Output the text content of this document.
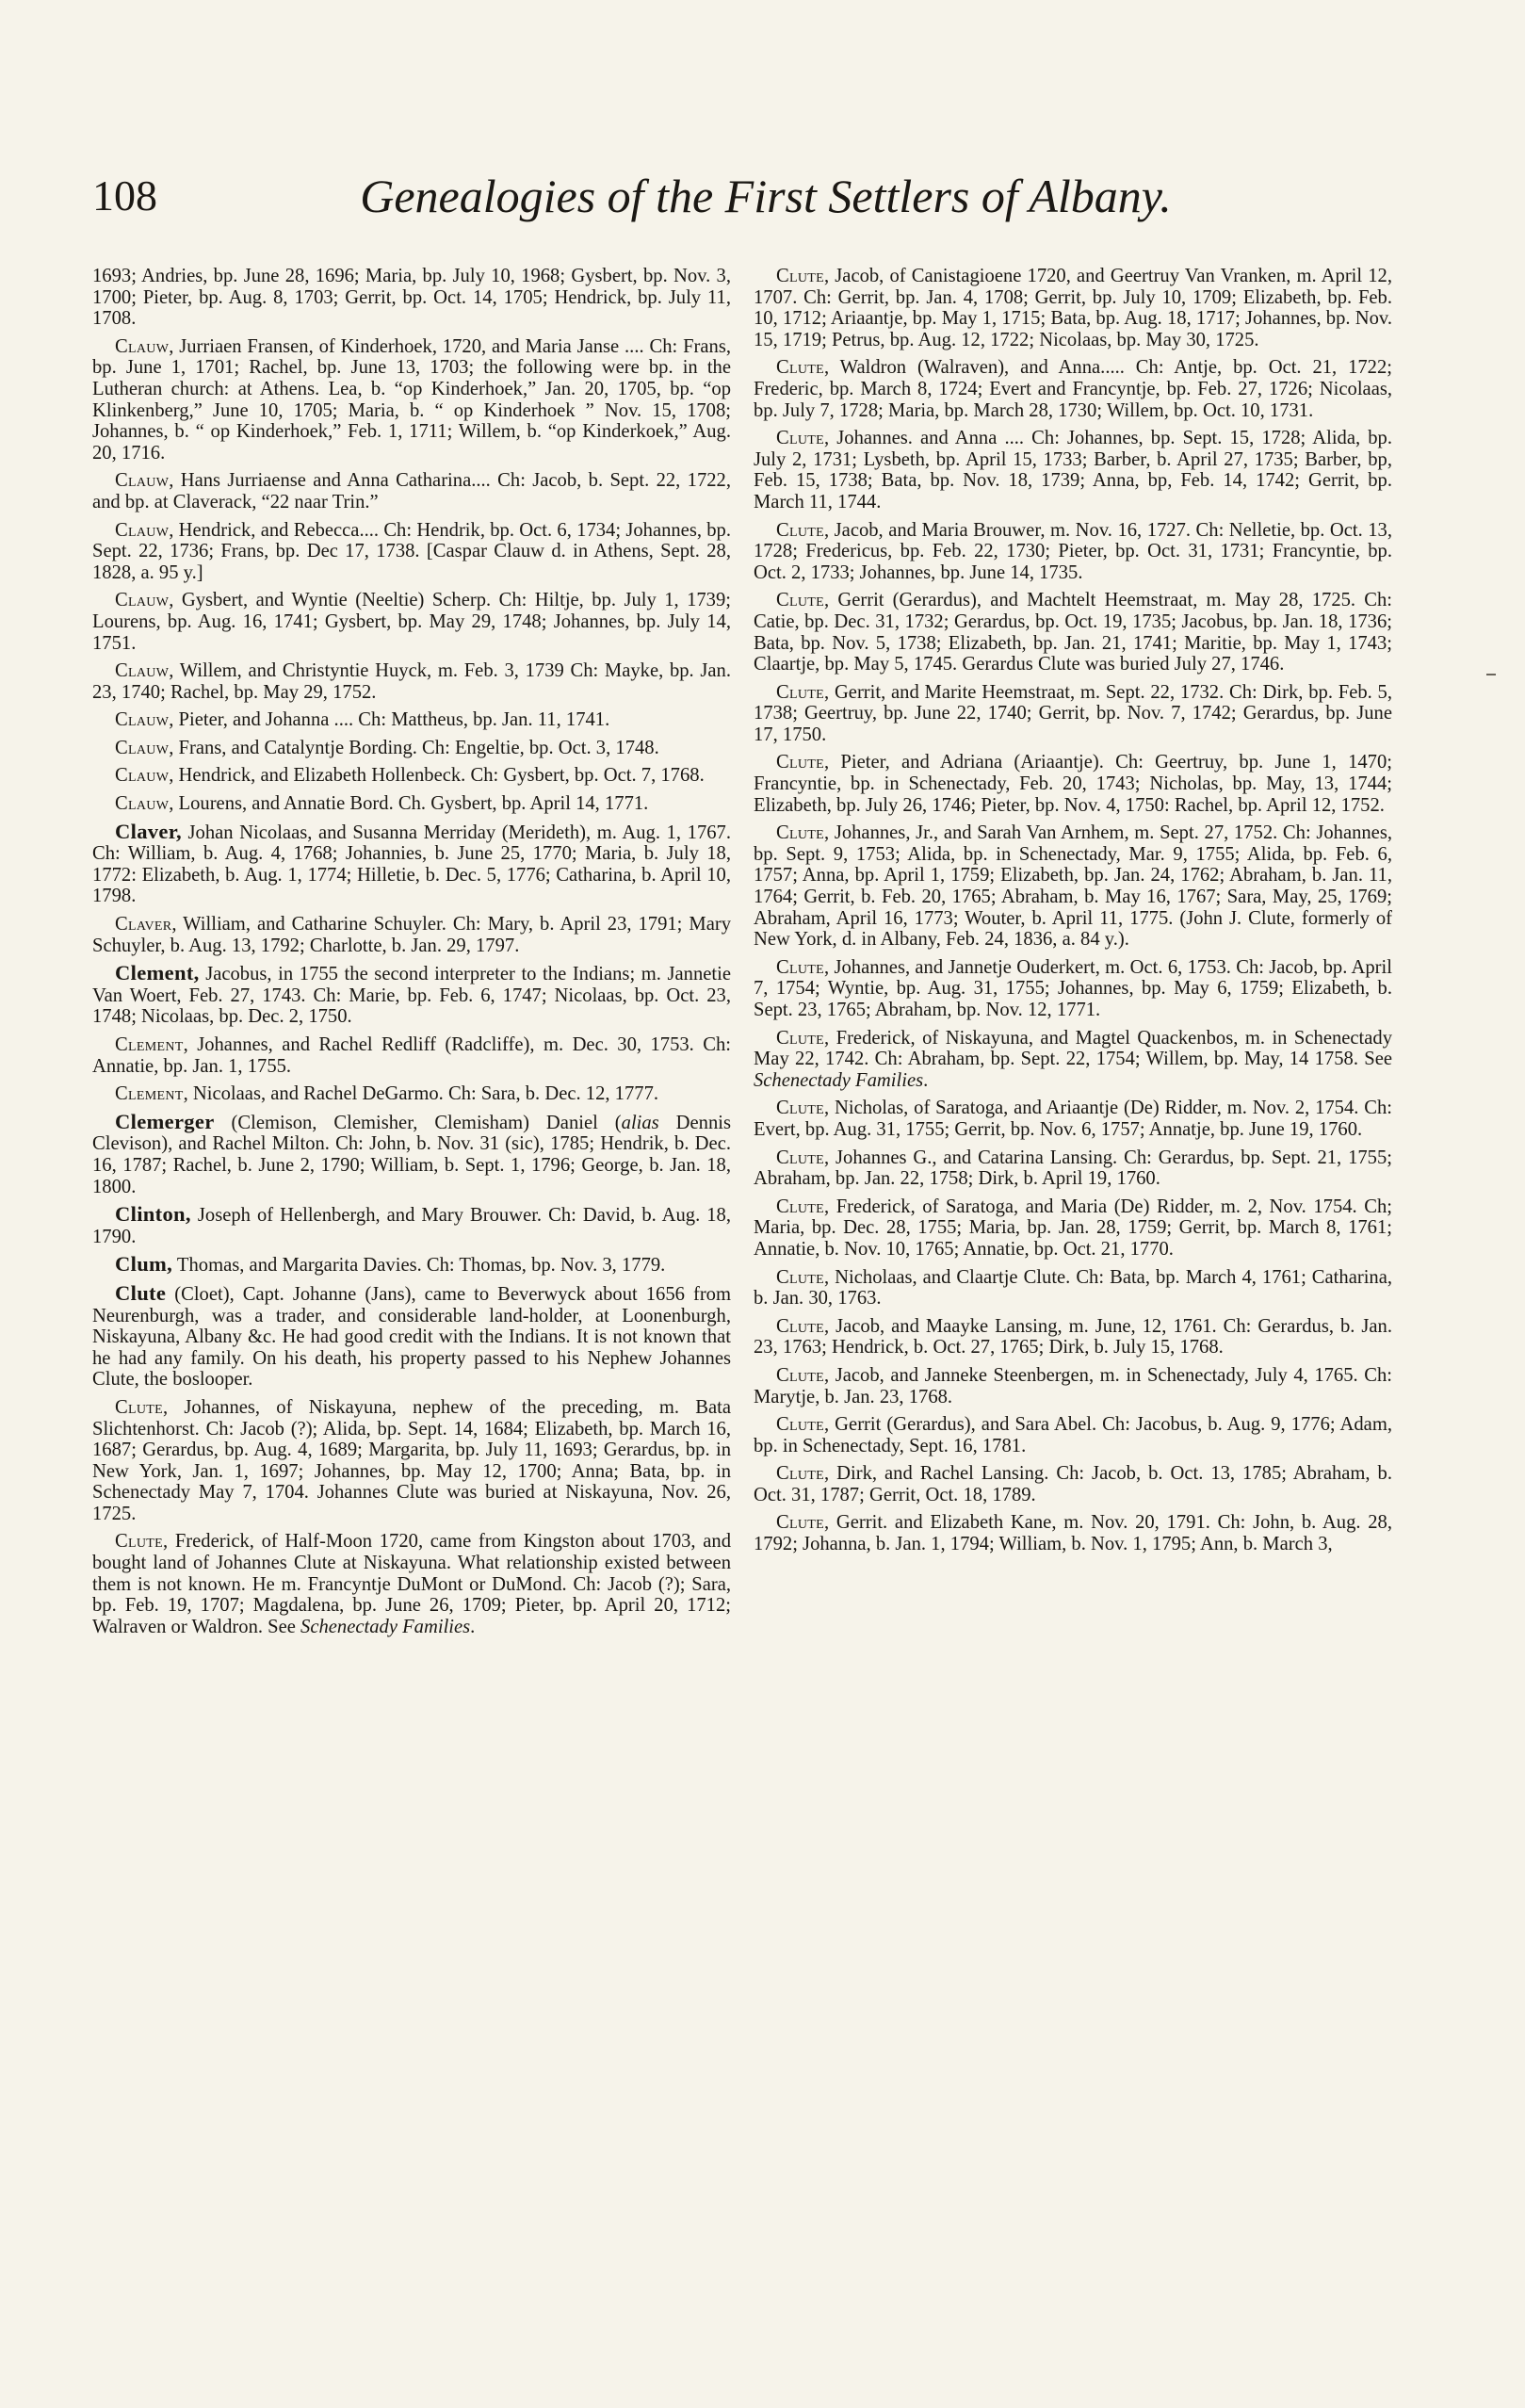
Genealogies of the First Settlers of Albany.
108

1693; Andries, bp. June 28, 1696; Maria, bp. July 10, 1968; Gysbert, bp. Nov. 3, 1700; Pieter, bp. Aug. 8, 1703; Gerrit, bp. Oct. 14, 1705; Hendrick, bp. July 11, 1708.

Clauw, Jurriaen Fransen, of Kinderhoek, 1720, and Maria Janse .... Ch: Frans, bp. June 1, 1701; Rachel, bp. June 13, 1703; the following were bp. in the Lutheran church: at Athens. Lea, b. “op Kinderhoek,” Jan. 20, 1705, bp. “op Klinkenberg,” June 10, 1705; Maria, b. “ op Kinderhoek ” Nov. 15, 1708; Johannes, b. “ op Kinderhoek,” Feb. 1, 1711; Willem, b. “op Kinderkoek,” Aug. 20, 1716.

Clauw, Hans Jurriaense and Anna Catharina.... Ch: Jacob, b. Sept. 22, 1722, and bp. at Claverack, “22 naar Trin.”

Clauw, Hendrick, and Rebecca.... Ch: Hendrik, bp. Oct. 6, 1734; Johannes, bp. Sept. 22, 1736; Frans, bp. Dec 17, 1738. [Caspar Clauw d. in Athens, Sept. 28, 1828, a. 95 y.]

Clauw, Gysbert, and Wyntie (Neeltie) Scherp. Ch: Hiltje, bp. July 1, 1739; Lourens, bp. Aug. 16, 1741; Gysbert, bp. May 29, 1748; Johannes, bp. July 14, 1751.

Clauw, Willem, and Christyntie Huyck, m. Feb. 3, 1739 Ch: Mayke, bp. Jan. 23, 1740; Rachel, bp. May 29, 1752.

Clauw, Pieter, and Johanna .... Ch: Mattheus, bp. Jan. 11, 1741.

Clauw, Frans, and Catalyntje Bording. Ch: Engeltie, bp. Oct. 3, 1748.

Clauw, Hendrick, and Elizabeth Hollenbeck. Ch: Gysbert, bp. Oct. 7, 1768.

Clauw, Lourens, and Annatie Bord. Ch. Gysbert, bp. April 14, 1771.

Claver, Johan Nicolaas, and Susanna Merriday (Merideth), m. Aug. 1, 1767. Ch: William, b. Aug. 4, 1768; Johannies, b. June 25, 1770; Maria, b. July 18, 1772: Elizabeth, b. Aug. 1, 1774; Hilletie, b. Dec. 5, 1776; Catharina, b. April 10, 1798.

Claver, William, and Catharine Schuyler. Ch: Mary, b. April 23, 1791; Mary Schuyler, b. Aug. 13, 1792; Charlotte, b. Jan. 29, 1797.

Clement, Jacobus, in 1755 the second interpreter to the Indians; m. Jannetie Van Woert, Feb. 27, 1743. Ch: Marie, bp. Feb. 6, 1747; Nicolaas, bp. Oct. 23, 1748; Nicolaas, bp. Dec. 2, 1750.

Clement, Johannes, and Rachel Redliff (Radcliffe), m. Dec. 30, 1753. Ch: Annatie, bp. Jan. 1, 1755.

Clement, Nicolaas, and Rachel DeGarmo. Ch: Sara, b. Dec. 12, 1777.

Clemerger (Clemison, Clemisher, Clemisham) Daniel (alias Dennis Clevison), and Rachel Milton. Ch: John, b. Nov. 31 (sic), 1785; Hendrik, b. Dec. 16, 1787; Rachel, b. June 2, 1790; William, b. Sept. 1, 1796; George, b. Jan. 18, 1800.

Clinton, Joseph of Hellenbergh, and Mary Brouwer. Ch: David, b. Aug. 18, 1790.

Clum, Thomas, and Margarita Davies. Ch: Thomas, bp. Nov. 3, 1779.

Clute (Cloet), Capt. Johanne (Jans), came to Beverwyck about 1656 from Neurenburgh, was a trader, and considerable land-holder, at Loonenburgh, Niskayuna, Albany &c. He had good credit with the Indians. It is not known that he had any family. On his death, his property passed to his Nephew Johannes Clute, the boslooper.

Clute, Johannes, of Niskayuna, nephew of the preceding, m. Bata Slichtenhorst. Ch: Jacob (?); Alida, bp. Sept. 14, 1684; Elizabeth, bp. March 16, 1687; Gerardus, bp. Aug. 4, 1689; Margarita, bp. July 11, 1693; Gerardus, bp. in New York, Jan. 1, 1697; Johannes, bp. May 12, 1700; Anna; Bata, bp. in Schenectady May 7, 1704. Johannes Clute was buried at Niskayuna, Nov. 26, 1725.

Clute, Frederick, of Half-Moon 1720, came from Kingston about 1703, and bought land of Johannes Clute at Niskayuna. What relationship existed between them is not known. He m. Francyntje DuMont or DuMond. Ch: Jacob (?); Sara, bp. Feb. 19, 1707; Magdalena, bp. June 26, 1709; Pieter, bp. April 20, 1712; Walraven or Waldron. See Schenectady Families.

Clute, Jacob, of Canistagioene 1720, and Geertruy Van Vranken, m. April 12, 1707. Ch: Gerrit, bp. Jan. 4, 1708; Gerrit, bp. July 10, 1709; Elizabeth, bp. Feb. 10, 1712; Ariaantje, bp. May 1, 1715; Bata, bp. Aug. 18, 1717; Johannes, bp. Nov. 15, 1719; Petrus, bp. Aug. 12, 1722; Nicolaas, bp. May 30, 1725.

Clute, Waldron (Walraven), and Anna..... Ch: Antje, bp. Oct. 21, 1722; Frederic, bp. March 8, 1724; Evert and Francyntje, bp. Feb. 27, 1726; Nicolaas, bp. July 7, 1728; Maria, bp. March 28, 1730; Willem, bp. Oct. 10, 1731.

Clute, Johannes. and Anna .... Ch: Johannes, bp. Sept. 15, 1728; Alida, bp. July 2, 1731; Lysbeth, bp. April 15, 1733; Barber, b. April 27, 1735; Barber, bp, Feb. 15, 1738; Bata, bp. Nov. 18, 1739; Anna, bp, Feb. 14, 1742; Gerrit, bp. March 11, 1744.

Clute, Jacob, and Maria Brouwer, m. Nov. 16, 1727. Ch: Nelletie, bp. Oct. 13, 1728; Fredericus, bp. Feb. 22, 1730; Pieter, bp. Oct. 31, 1731; Francyntie, bp. Oct. 2, 1733; Johannes, bp. June 14, 1735.

Clute, Gerrit (Gerardus), and Machtelt Heemstraat, m. May 28, 1725. Ch: Catie, bp. Dec. 31, 1732; Gerardus, bp. Oct. 19, 1735; Jacobus, bp. Jan. 18, 1736; Bata, bp. Nov. 5, 1738; Elizabeth, bp. Jan. 21, 1741; Maritie, bp. May 1, 1743; Claartje, bp. May 5, 1745. Gerardus Clute was buried July 27, 1746.

Clute, Gerrit, and Marite Heemstraat, m. Sept. 22, 1732. Ch: Dirk, bp. Feb. 5, 1738; Geertruy, bp. June 22, 1740; Gerrit, bp. Nov. 7, 1742; Gerardus, bp. June 17, 1750.

Clute, Pieter, and Adriana (Ariaantje). Ch: Geertruy, bp. June 1, 1470; Francyntie, bp. in Schenectady, Feb. 20, 1743; Nicholas, bp. May, 13, 1744; Elizabeth, bp. July 26, 1746; Pieter, bp. Nov. 4, 1750: Rachel, bp. April 12, 1752.

Clute, Johannes, Jr., and Sarah Van Arnhem, m. Sept. 27, 1752. Ch: Johannes, bp. Sept. 9, 1753; Alida, bp. in Schenectady, Mar. 9, 1755; Alida, bp. Feb. 6, 1757; Anna, bp. April 1, 1759; Elizabeth, bp. Jan. 24, 1762; Abraham, b. Jan. 11, 1764; Gerrit, b. Feb. 20, 1765; Abraham, b. May 16, 1767; Sara, May, 25, 1769; Abraham, April 16, 1773; Wouter, b. April 11, 1775. (John J. Clute, formerly of New York, d. in Albany, Feb. 24, 1836, a. 84 y.).

Clute, Johannes, and Jannetje Ouderkert, m. Oct. 6, 1753. Ch: Jacob, bp. April 7, 1754; Wyntie, bp. Aug. 31, 1755; Johannes, bp. May 6, 1759; Elizabeth, b. Sept. 23, 1765; Abraham, bp. Nov. 12, 1771.

Clute, Frederick, of Niskayuna, and Magtel Quackenbos, m. in Schenectady May 22, 1742. Ch: Abraham, bp. Sept. 22, 1754; Willem, bp. May, 14 1758. See Schenectady Families.

Clute, Nicholas, of Saratoga, and Ariaantje (De) Ridder, m. Nov. 2, 1754. Ch: Evert, bp. Aug. 31, 1755; Gerrit, bp. Nov. 6, 1757; Annatje, bp. June 19, 1760.

Clute, Johannes G., and Catarina Lansing. Ch: Gerardus, bp. Sept. 21, 1755; Abraham, bp. Jan. 22, 1758; Dirk, b. April 19, 1760.

Clute, Frederick, of Saratoga, and Maria (De) Ridder, m. 2, Nov. 1754. Ch; Maria, bp. Dec. 28, 1755; Maria, bp. Jan. 28, 1759; Gerrit, bp. March 8, 1761; Annatie, b. Nov. 10, 1765; Annatie, bp. Oct. 21, 1770.

Clute, Nicholaas, and Claartje Clute. Ch: Bata, bp. March 4, 1761; Catharina, b. Jan. 30, 1763.

Clute, Jacob, and Maayke Lansing, m. June, 12, 1761. Ch: Gerardus, b. Jan. 23, 1763; Hendrick, b. Oct. 27, 1765; Dirk, b. July 15, 1768.

Clute, Jacob, and Janneke Steenbergen, m. in Schenectady, July 4, 1765. Ch: Marytje, b. Jan. 23, 1768.

Clute, Gerrit (Gerardus), and Sara Abel. Ch: Jacobus, b. Aug. 9, 1776; Adam, bp. in Schenectady, Sept. 16, 1781.

Clute, Dirk, and Rachel Lansing. Ch: Jacob, b. Oct. 13, 1785; Abraham, b. Oct. 31, 1787; Gerrit, Oct. 18, 1789.

Clute, Gerrit. and Elizabeth Kane, m. Nov. 20, 1791. Ch: John, b. Aug. 28, 1792; Johanna, b. Jan. 1, 1794; William, b. Nov. 1, 1795; Ann, b. March 3,
